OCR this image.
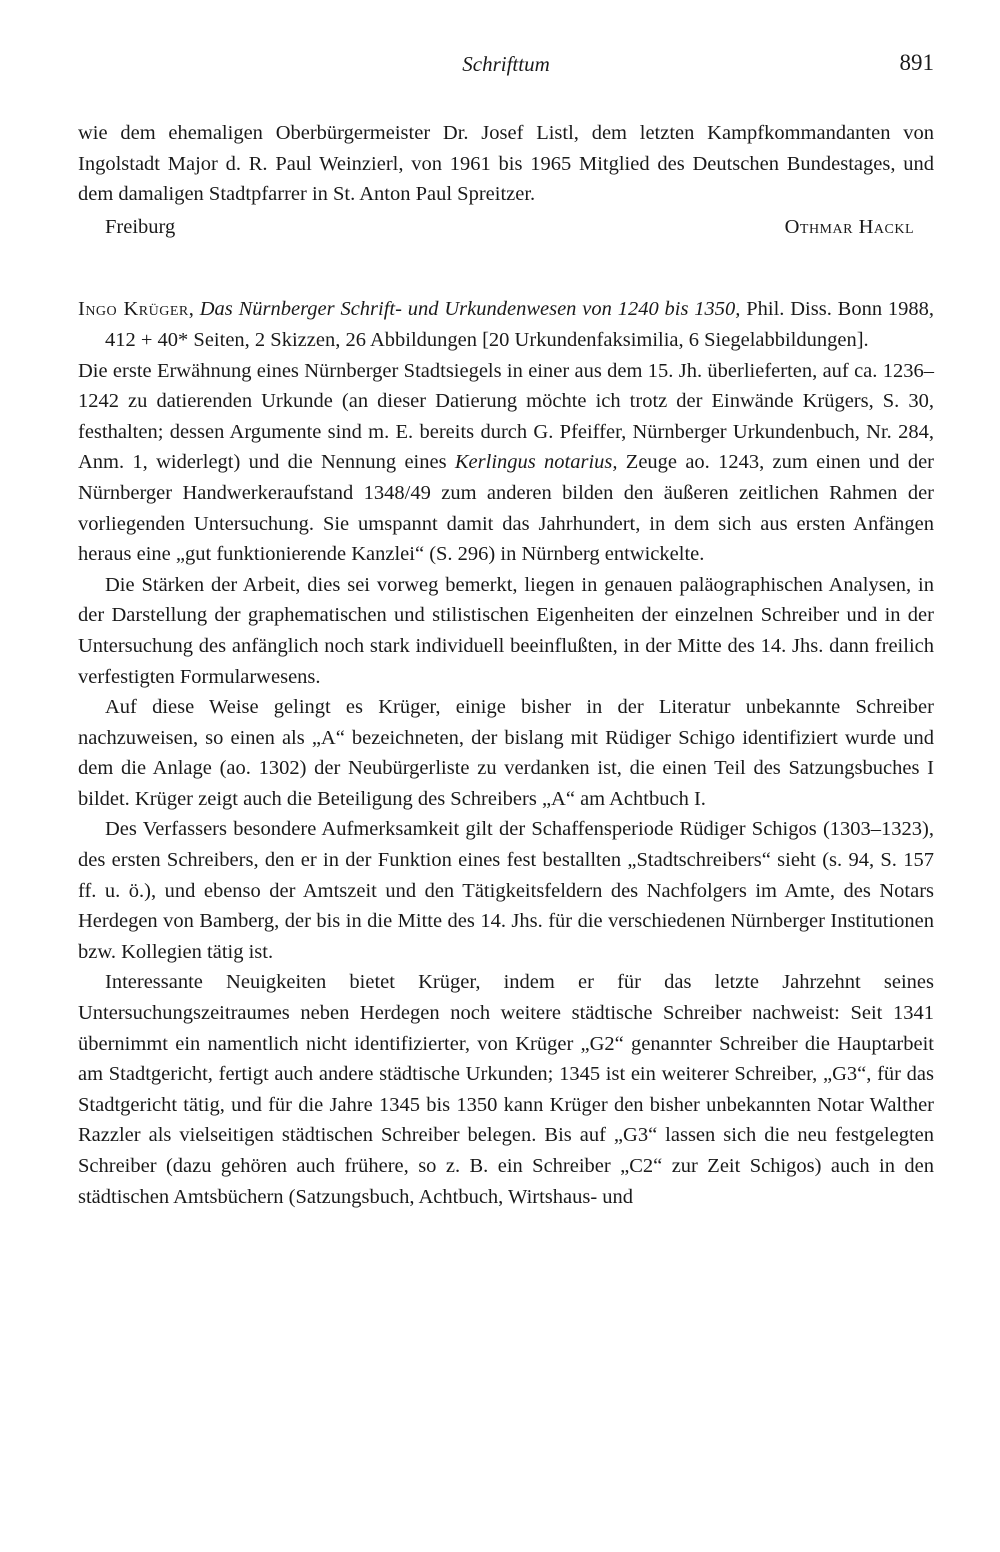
Schrifttum	891

wie dem ehemaligen Oberbürgermeister Dr. Josef Listl, dem letzten Kampfkommandanten von Ingolstadt Major d. R. Paul Weinzierl, von 1961 bis 1965 Mitglied des Deutschen Bundestages, und dem damaligen Stadtpfarrer in St. Anton Paul Spreitzer.

Freiburg	Othmar Hackl

Ingo Krüger, Das Nürnberger Schrift- und Urkundenwesen von 1240 bis 1350, Phil. Diss. Bonn 1988, 412 + 40* Seiten, 2 Skizzen, 26 Abbildungen [20 Urkundenfaksimilia, 6 Siegelabbildungen].

Die erste Erwähnung eines Nürnberger Stadtsiegels in einer aus dem 15. Jh. überlieferten, auf ca. 1236–1242 zu datierenden Urkunde (an dieser Datierung möchte ich trotz der Einwände Krügers, S. 30, festhalten; dessen Argumente sind m. E. bereits durch G. Pfeiffer, Nürnberger Urkundenbuch, Nr. 284, Anm. 1, widerlegt) und die Nennung eines Kerlingus notarius, Zeuge ao. 1243, zum einen und der Nürnberger Handwerkeraufstand 1348/49 zum anderen bilden den äußeren zeitlichen Rahmen der vorliegenden Untersuchung. Sie umspannt damit das Jahrhundert, in dem sich aus ersten Anfängen heraus eine „gut funktionierende Kanzlei“ (S. 296) in Nürnberg entwickelte.

Die Stärken der Arbeit, dies sei vorweg bemerkt, liegen in genauen paläographischen Analysen, in der Darstellung der graphematischen und stilistischen Eigenheiten der einzelnen Schreiber und in der Untersuchung des anfänglich noch stark individuell beeinflußten, in der Mitte des 14. Jhs. dann freilich verfestigten Formularwesens.

Auf diese Weise gelingt es Krüger, einige bisher in der Literatur unbekannte Schreiber nachzuweisen, so einen als „A“ bezeichneten, der bislang mit Rüdiger Schigo identifiziert wurde und dem die Anlage (ao. 1302) der Neubürgerliste zu verdanken ist, die einen Teil des Satzungsbuches I bildet. Krüger zeigt auch die Beteiligung des Schreibers „A“ am Achtbuch I.

Des Verfassers besondere Aufmerksamkeit gilt der Schaffensperiode Rüdiger Schigos (1303–1323), des ersten Schreibers, den er in der Funktion eines fest bestallten „Stadtschreibers“ sieht (s. 94, S. 157 ff. u. ö.), und ebenso der Amtszeit und den Tätigkeitsfeldern des Nachfolgers im Amte, des Notars Herdegen von Bamberg, der bis in die Mitte des 14. Jhs. für die verschiedenen Nürnberger Institutionen bzw. Kollegien tätig ist.

Interessante Neuigkeiten bietet Krüger, indem er für das letzte Jahrzehnt seines Untersuchungszeitraumes neben Herdegen noch weitere städtische Schreiber nachweist: Seit 1341 übernimmt ein namentlich nicht identifizierter, von Krüger „G2“ genannter Schreiber die Hauptarbeit am Stadtgericht, fertigt auch andere städtische Urkunden; 1345 ist ein weiterer Schreiber, „G3“, für das Stadtgericht tätig, und für die Jahre 1345 bis 1350 kann Krüger den bisher unbekannten Notar Walther Razzler als vielseitigen städtischen Schreiber belegen. Bis auf „G3“ lassen sich die neu festgelegten Schreiber (dazu gehören auch frühere, so z. B. ein Schreiber „C2“ zur Zeit Schigos) auch in den städtischen Amtsbüchern (Satzungsbuch, Achtbuch, Wirtshaus- und
